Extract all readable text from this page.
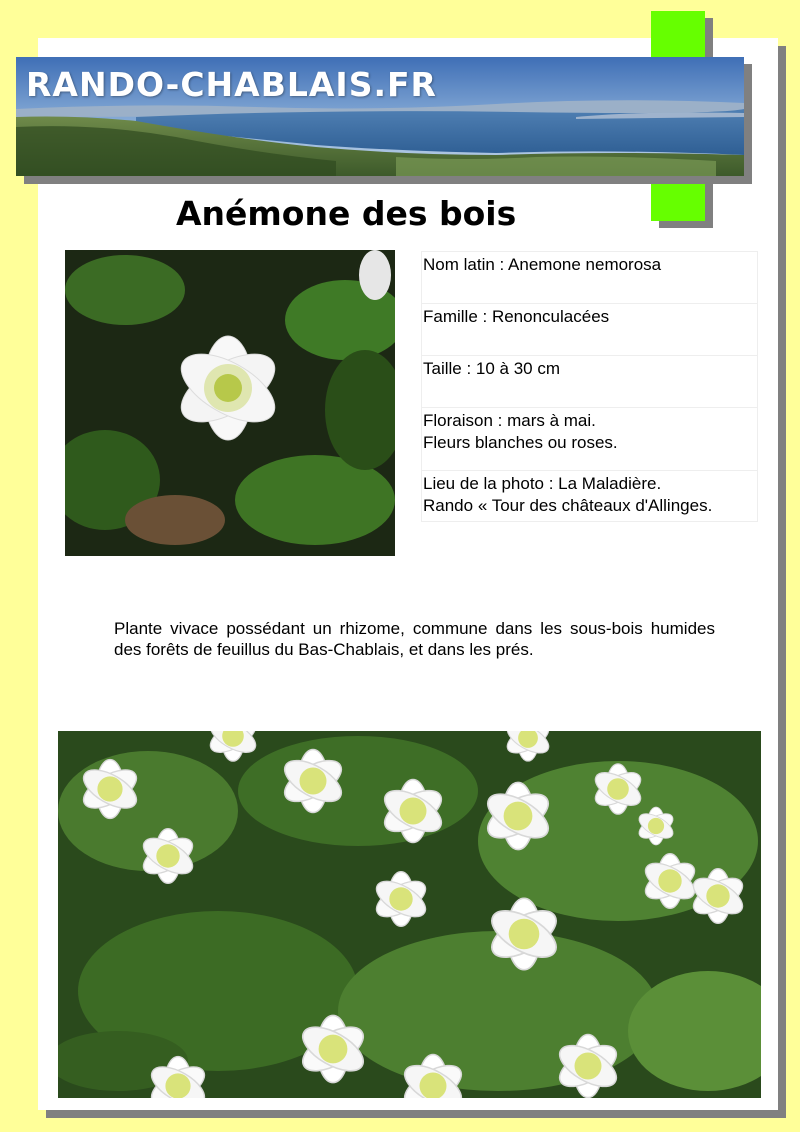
RANDO-CHABLAIS.FR
Anémone des bois
Nom latin : Anemone nemorosa
Famille : Renonculacées
Taille : 10 à 30 cm
Floraison : mars à mai.
Fleurs blanches ou roses.
Lieu de la photo : La Maladière.
Rando « Tour des châteaux d'Allinges.

Plante vivace possédant un rhizome, commune dans les sous-bois humides des forêts de feuillus du Bas-Chablais, et dans les prés.
